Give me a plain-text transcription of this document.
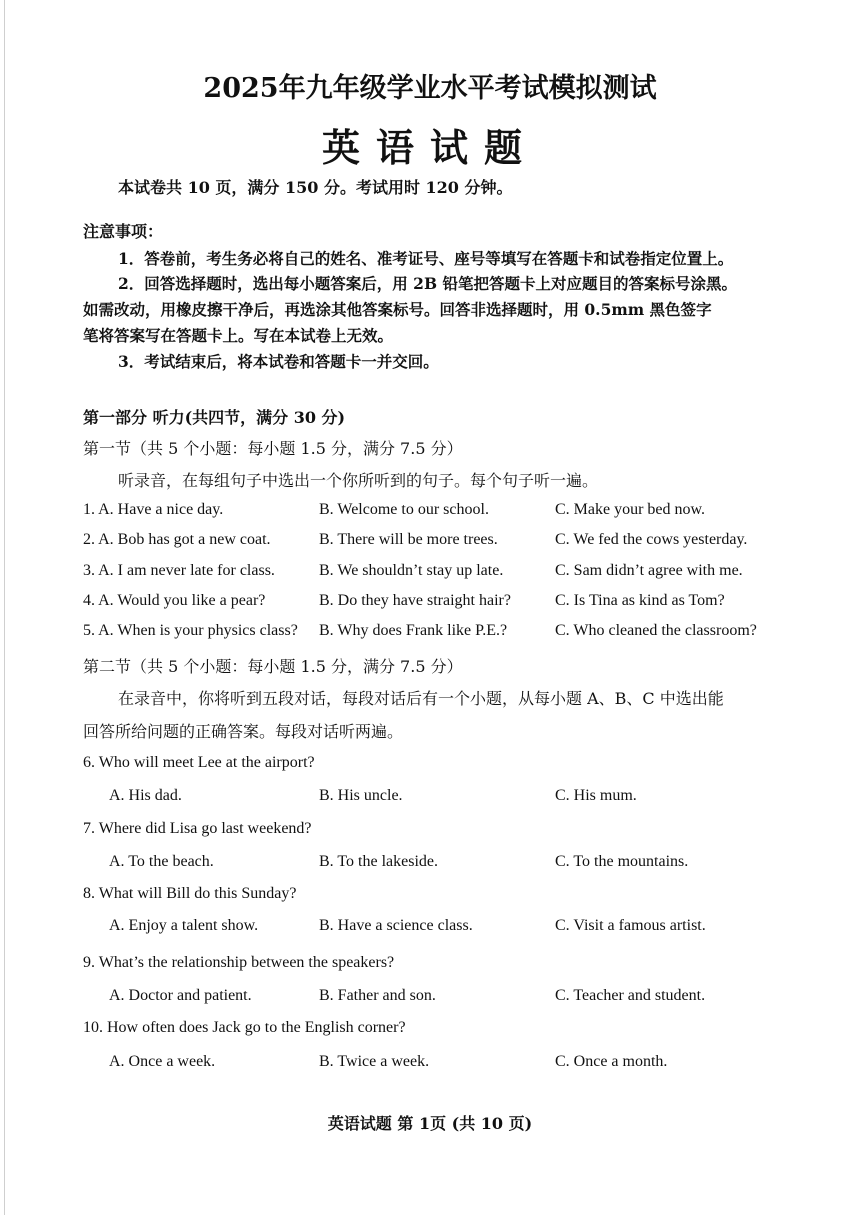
2025年九年级学业水平考试模拟测试
英语试题
本试卷共 10 页，满分 150 分。考试用时 120 分钟。
注意事项：
1．答卷前，考生务必将自己的姓名、准考证号、座号等填写在答题卡和试卷指定位置上。
2．回答选择题时，选出每小题答案后，用 2B 铅笔把答题卡上对应题目的答案标号涂黑。
如需改动，用橡皮擦干净后，再选涂其他答案标号。回答非选择题时，用 0.5mm 黑色签字
笔将答案写在答题卡上。写在本试卷上无效。
3．考试结束后，将本试卷和答题卡一并交回。
第一部分 听力(共四节，满分 30 分)
第一节（共 5 个小题：每小题 1.5 分，满分 7.5 分）
听录音，在每组句子中选出一个你所听到的句子。每个句子听一遍。
1. A. Have a nice day.	B. Welcome to our school.	C. Make your bed now.
2. A. Bob has got a new coat.	B. There will be more trees.	C. We fed the cows yesterday.
3. A. I am never late for class.	B. We shouldn’t stay up late.	C. Sam didn’t agree with me.
4. A. Would you like a pear?	B. Do they have straight hair?	C. Is Tina as kind as Tom?
5. A. When is your physics class? B. Why does Frank like P.E.?	C. Who cleaned the classroom?
第二节（共 5 个小题：每小题 1.5 分，满分 7.5 分）
在录音中，你将听到五段对话，每段对话后有一个小题，从每小题 A、B、C 中选出能
回答所给问题的正确答案。每段对话听两遍。
6. Who will meet Lee at the airport?
A. His dad.	B. His uncle.	C. His mum.
7. Where did Lisa go last weekend?
A. To the beach.	B. To the lakeside.	C. To the mountains.
8. What will Bill do this Sunday?
A. Enjoy a talent show.	B. Have a science class.	C. Visit a famous artist.
9. What’s the relationship between the speakers?
A. Doctor and patient.	B. Father and son.	C. Teacher and student.
10. How often does Jack go to the English corner?
A. Once a week.	B. Twice a week.	C. Once a month.
英语试题 第 1页 (共 10 页)
